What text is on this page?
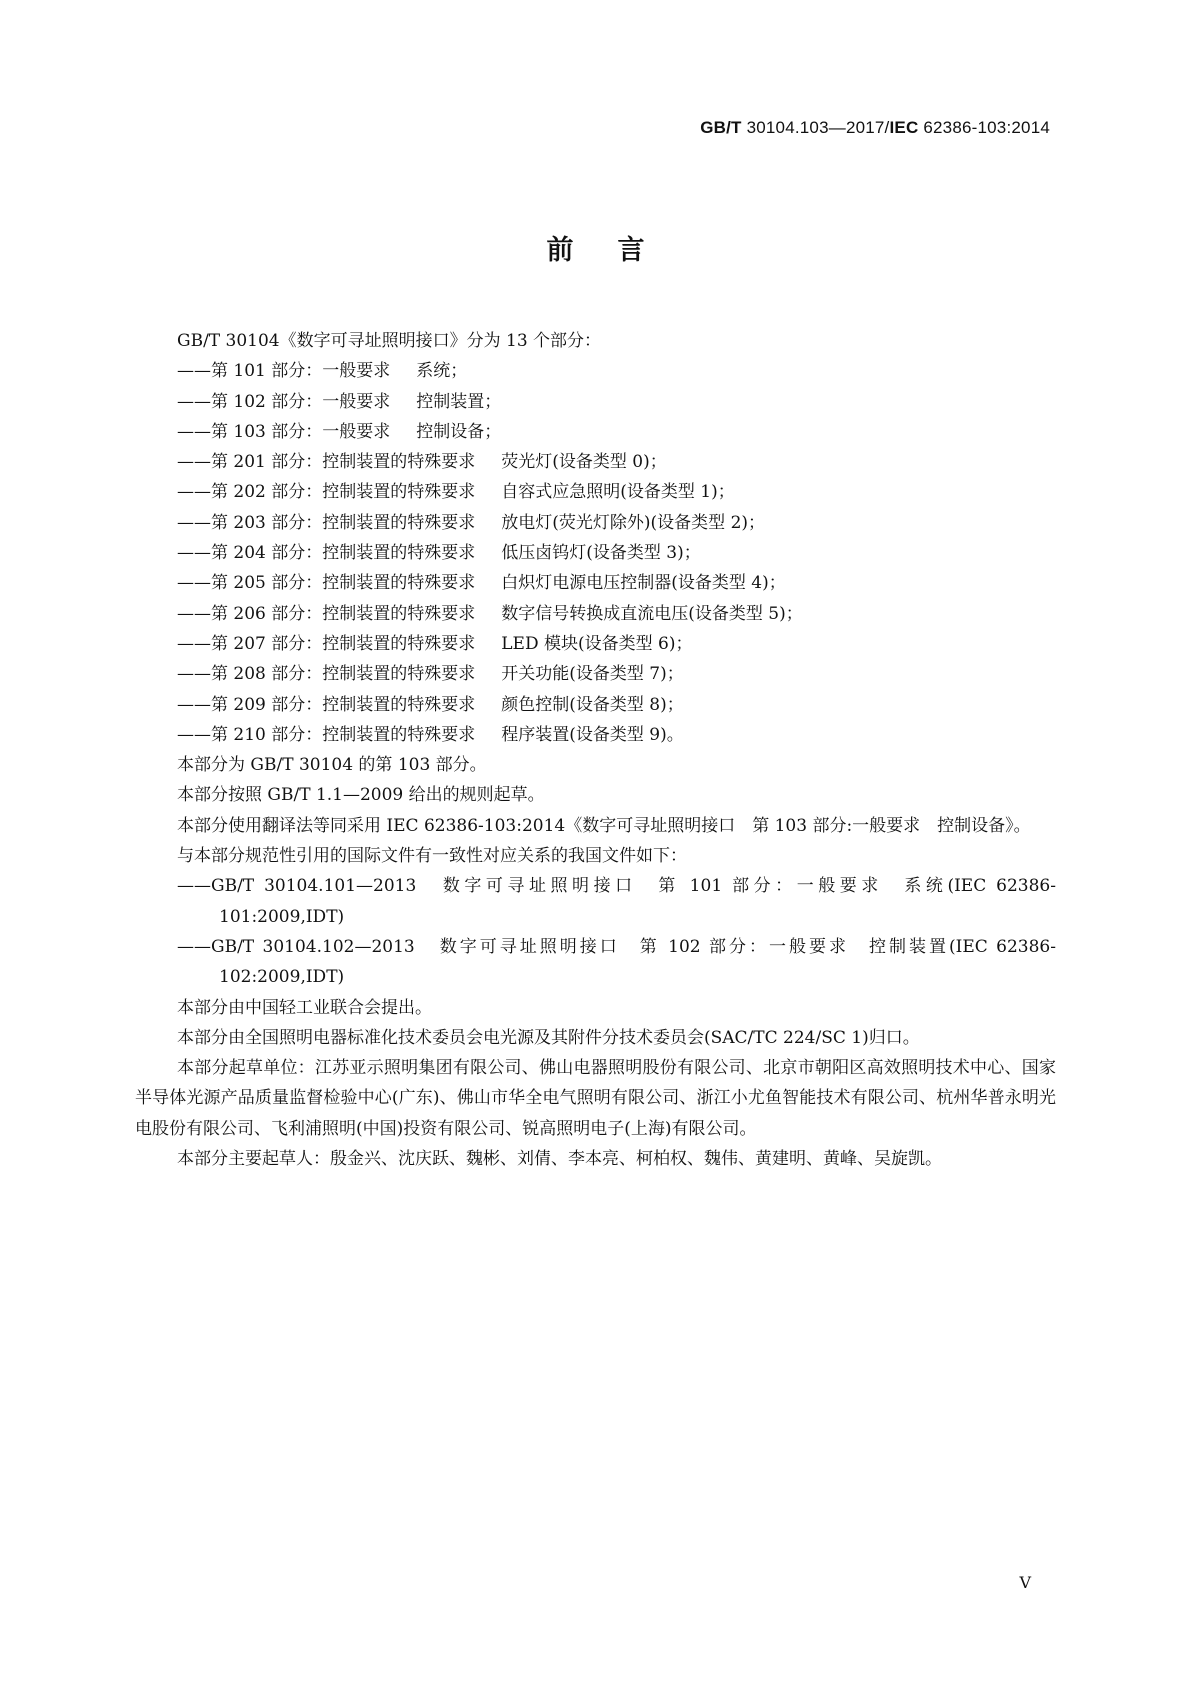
GB/T 30104.103—2017/IEC 62386-103:2014
前言

GB/T 30104《数字可寻址照明接口》分为 13 个部分：

——第 101 部分：一般要求 系统；

——第 102 部分：一般要求 控制装置；

——第 103 部分：一般要求 控制设备；

——第 201 部分：控制装置的特殊要求 荧光灯(设备类型 0)；

——第 202 部分：控制装置的特殊要求 自容式应急照明(设备类型 1)；

——第 203 部分：控制装置的特殊要求 放电灯(荧光灯除外)(设备类型 2)；

——第 204 部分：控制装置的特殊要求 低压卤钨灯(设备类型 3)；

——第 205 部分：控制装置的特殊要求 白炽灯电源电压控制器(设备类型 4)；

——第 206 部分：控制装置的特殊要求 数字信号转换成直流电压(设备类型 5)；

——第 207 部分：控制装置的特殊要求 LED 模块(设备类型 6)；

——第 208 部分：控制装置的特殊要求 开关功能(设备类型 7)；

——第 209 部分：控制装置的特殊要求 颜色控制(设备类型 8)；

——第 210 部分：控制装置的特殊要求 程序装置(设备类型 9)。

本部分为 GB/T 30104 的第 103 部分。

本部分按照 GB/T 1.1—2009 给出的规则起草。

本部分使用翻译法等同采用 IEC 62386-103:2014《数字可寻址照明接口　第 103 部分:一般要求　控制设备》。

与本部分规范性引用的国际文件有一致性对应关系的我国文件如下：

——GB/T 30104.101—2013 数字可寻址照明接口　第 101 部分：一般要求　系统(IEC 62386-101:2009,IDT)

——GB/T 30104.102—2013 数字可寻址照明接口　第 102 部分：一般要求　控制装置(IEC 62386-102:2009,IDT)

本部分由中国轻工业联合会提出。

本部分由全国照明电器标准化技术委员会电光源及其附件分技术委员会(SAC/TC 224/SC 1)归口。

本部分起草单位：江苏亚示照明集团有限公司、佛山电器照明股份有限公司、北京市朝阳区高效照明技术中心、国家半导体光源产品质量监督检验中心(广东)、佛山市华全电气照明有限公司、浙江小尤鱼智能技术有限公司、杭州华普永明光电股份有限公司、飞利浦照明(中国)投资有限公司、锐高照明电子(上海)有限公司。

本部分主要起草人：殷金兴、沈庆跃、魏彬、刘倩、李本亮、柯柏权、魏伟、黄建明、黄峰、吴旋凯。

V
